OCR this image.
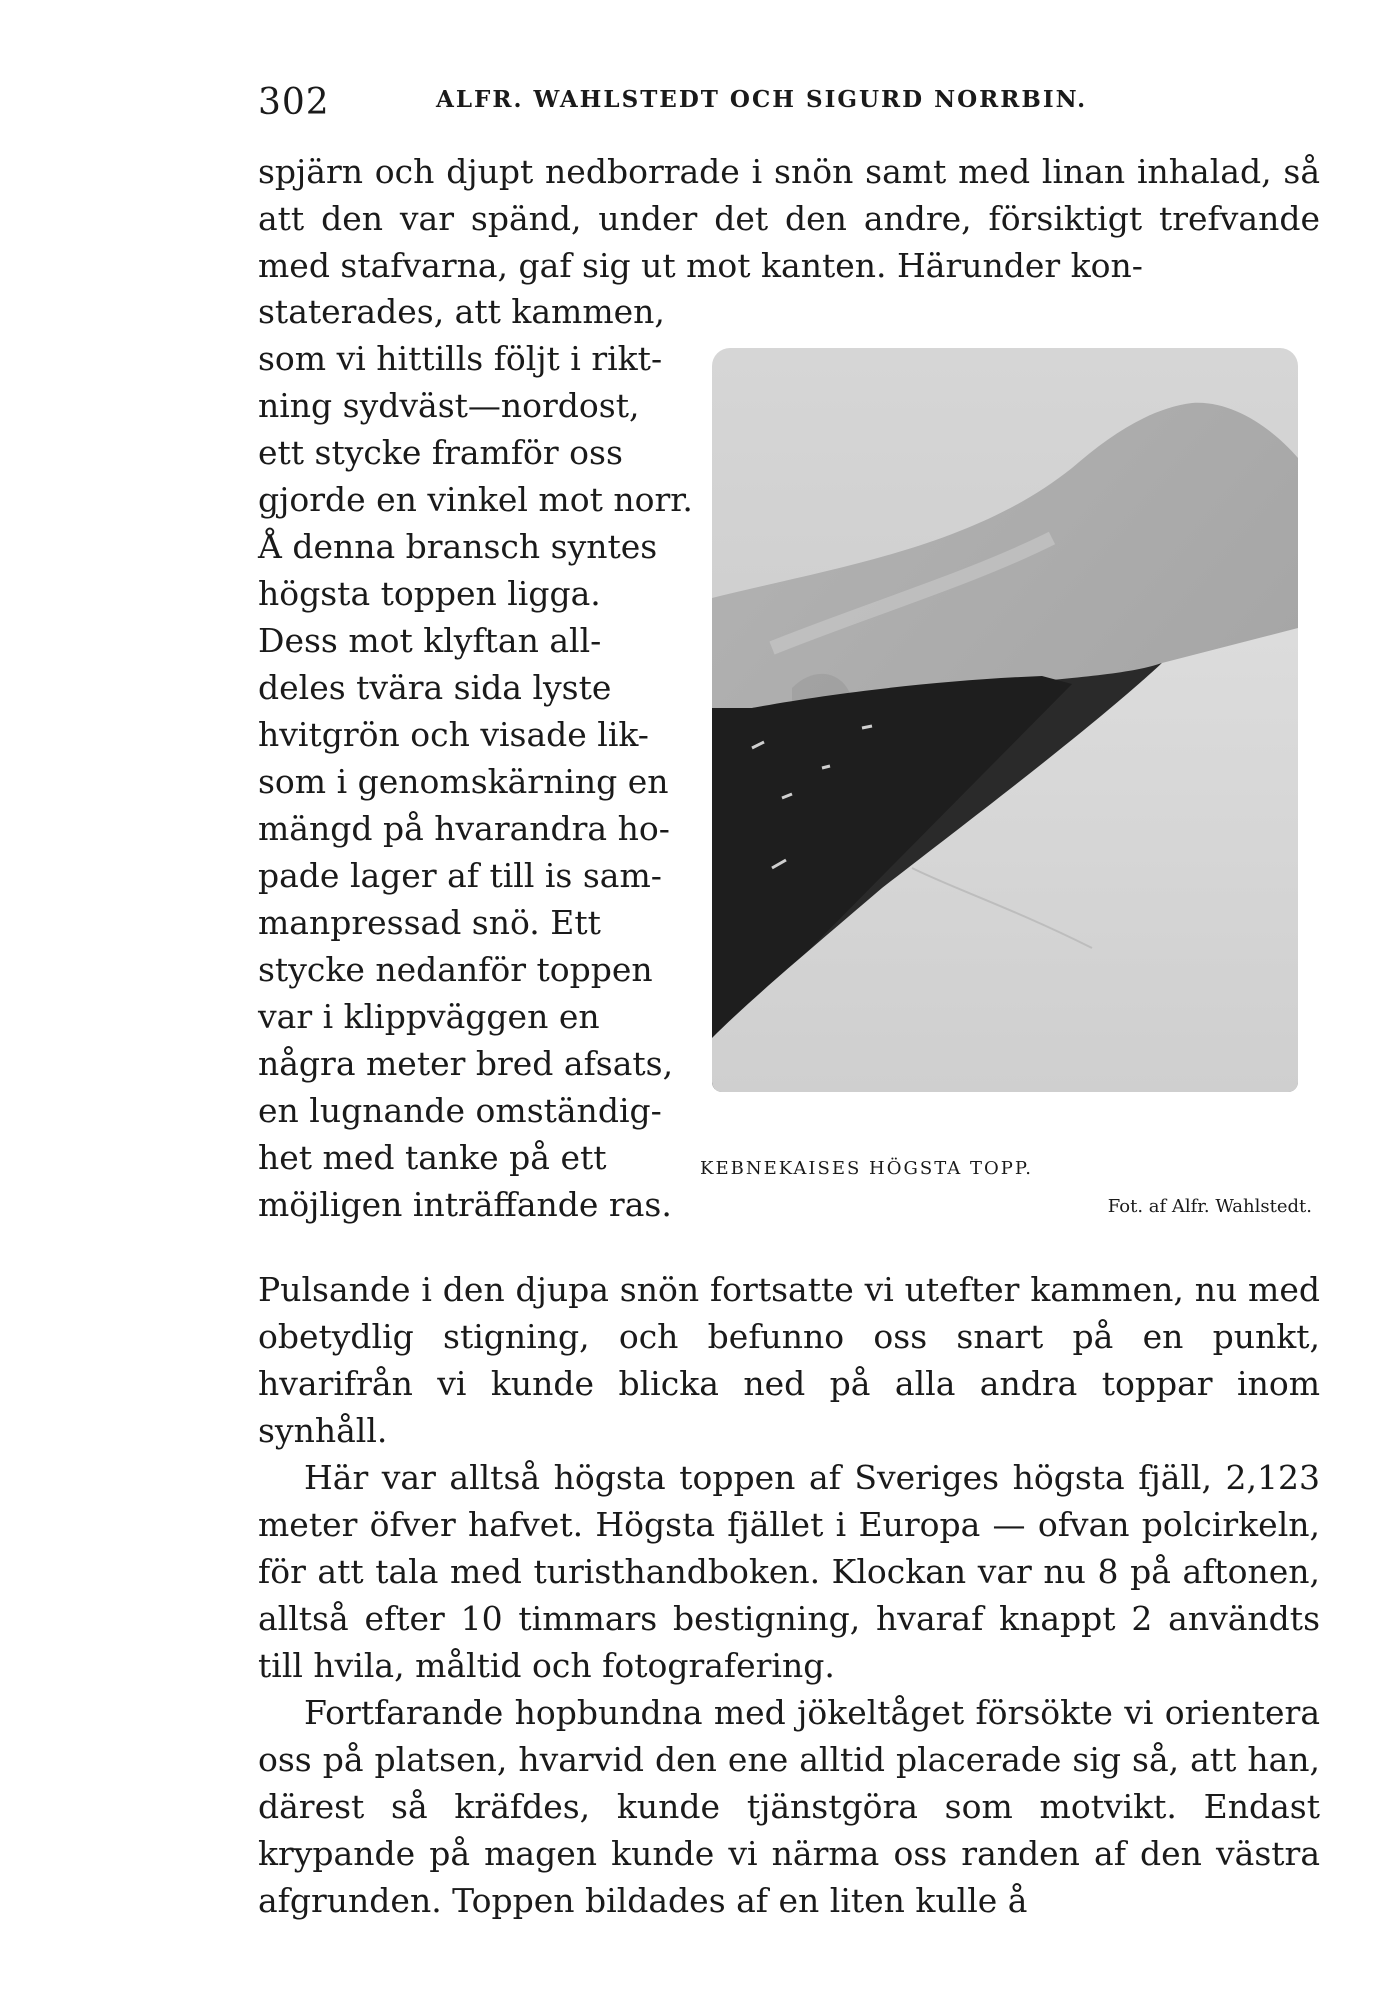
302	ALFR. WAHLSTEDT OCH SIGURD NORRBIN.

spjärn och djupt nedborrade i snön samt med linan inhalad, så att den var spänd, under det den andre, försiktigt trefvande med stafvarna, gaf sig ut mot kanten. Härunder kon-

staterades, att kammen,
som vi hittills följt i rikt-
ning sydväst—nordost,
ett stycke framför oss
gjorde en vinkel mot norr.
Å denna bransch syntes
högsta toppen ligga.
Dess mot klyftan all-
deles tvära sida lyste
hvitgrön och visade lik-
som i genomskärning en
mängd på hvarandra ho-
pade lager af till is sam-
manpressad snö. Ett
stycke nedanför toppen
var i klippväggen en
några meter bred afsats,
en lugnande omständig-
het med tanke på ett
möjligen inträffande ras.
KEBNEKAISES HÖGSTA TOPP.
Fot. af Alfr. Wahlstedt.

Pulsande i den djupa snön fortsatte vi utefter kammen, nu med obetydlig stigning, och befunno oss snart på en punkt, hvarifrån vi kunde blicka ned på alla andra toppar inom synhåll.

Här var alltså högsta toppen af Sveriges högsta fjäll, 2,123 meter öfver hafvet. Högsta fjället i Europa — ofvan polcirkeln, för att tala med turisthandboken. Klockan var nu 8 på aftonen, alltså efter 10 timmars bestigning, hvaraf knappt 2 användts till hvila, måltid och fotografering.

Fortfarande hopbundna med jökeltåget försökte vi orientera oss på platsen, hvarvid den ene alltid placerade sig så, att han, därest så kräfdes, kunde tjänstgöra som motvikt. Endast krypande på magen kunde vi närma oss randen af den västra afgrunden. Toppen bildades af en liten kulle å
